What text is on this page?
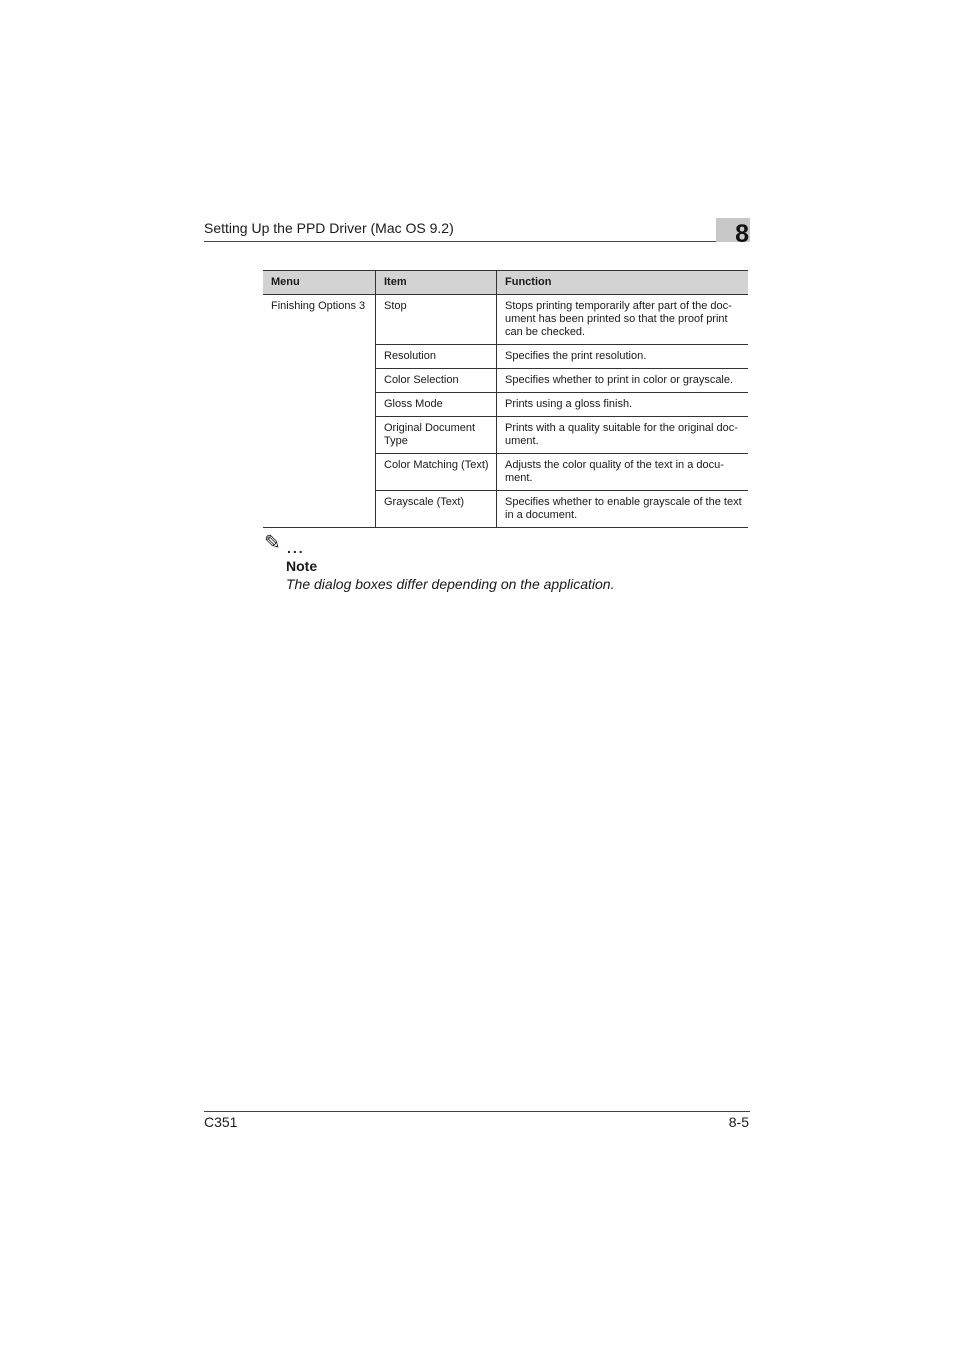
Setting Up the PPD Driver (Mac OS 9.2)	8
Menu	Item	Function
Finishing Options 3	Stop	Stops printing temporarily after part of the doc-ument has been printed so that the proof print can be checked.
	Resolution	Specifies the print resolution.
	Color Selection	Specifies whether to print in color or grayscale.
	Gloss Mode	Prints using a gloss finish.
	Original Document Type	Prints with a quality suitable for the original doc-ument.
	Color Matching (Text)	Adjusts the color quality of the text in a docu-ment.
	Grayscale (Text)	Specifies whether to enable grayscale of the text in a document.
✎ ...
Note
The dialog boxes differ depending on the application.
C351	8-5
